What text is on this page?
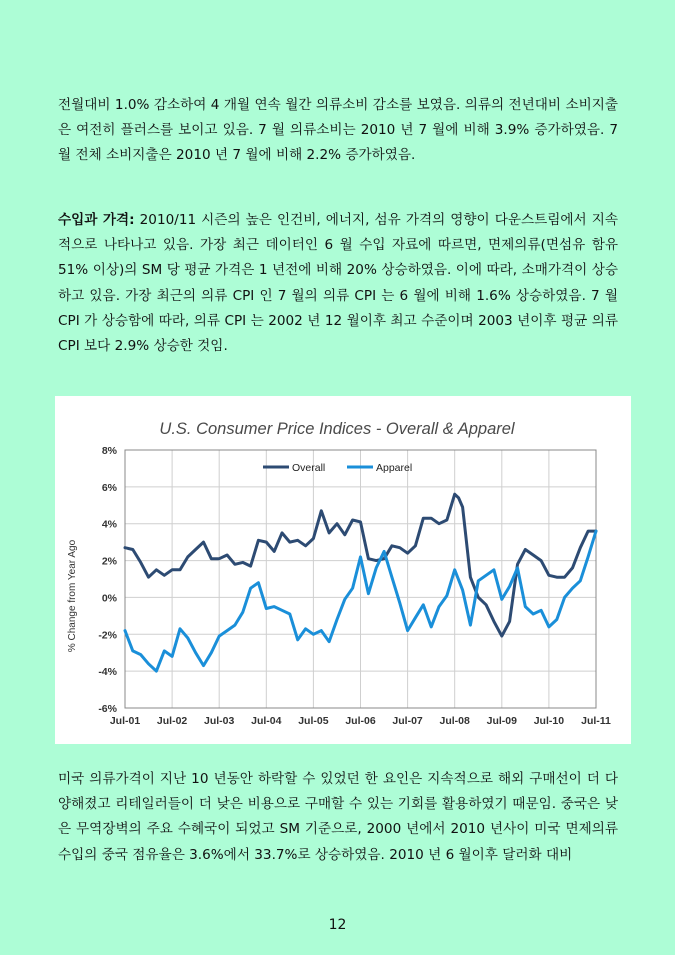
전월대비 1.0% 감소하여 4 개월 연속 월간 의류소비 감소를 보였음. 의류의 전년대비 소비지출은 여전히 플러스를 보이고 있음. 7 월 의류소비는 2010 년 7 월에 비해 3.9% 증가하였음. 7 월 전체 소비지출은 2010 년 7 월에 비해 2.2% 증가하였음.

수입과 가격: 2010/11 시즌의 높은 인건비, 에너지, 섬유 가격의 영향이 다운스트림에서 지속적으로 나타나고 있음. 가장 최근 데이터인 6 월 수입 자료에 따르면, 면제의류(면섬유 함유 51% 이상)의 SM 당 평균 가격은 1 년전에 비해 20% 상승하였음. 이에 따라, 소매가격이 상승하고 있음. 가장 최근의 의류 CPI 인 7 월의 의류 CPI 는 6 월에 비해 1.6% 상승하였음. 7 월 CPI 가 상승함에 따라, 의류 CPI 는 2002 년 12 월이후 최고 수준이며 2003 년이후 평균 의류 CPI 보다 2.9% 상승한 것임.

U.S. Consumer Price Indices - Overall & Apparel
% Change from Year Ago
-6%
-4%
-2%
0%
2%
4%
6%
8%
Jul-01 Jul-02 Jul-03 Jul-04 Jul-05 Jul-06 Jul-07 Jul-08 Jul-09 Jul-10 Jul-11
Overall	Apparel

미국 의류가격이 지난 10 년동안 하락할 수 있었던 한 요인은 지속적으로 해외 구매선이 더 다양해졌고 리테일러들이 더 낮은 비용으로 구매할 수 있는 기회를 활용하였기 때문임. 중국은 낮은 무역장벽의 주요 수혜국이 되었고 SM 기준으로, 2000 년에서 2010 년사이 미국 면제의류 수입의 중국 점유율은 3.6%에서 33.7%로 상승하였음. 2010 년 6 월이후 달러화 대비

12
